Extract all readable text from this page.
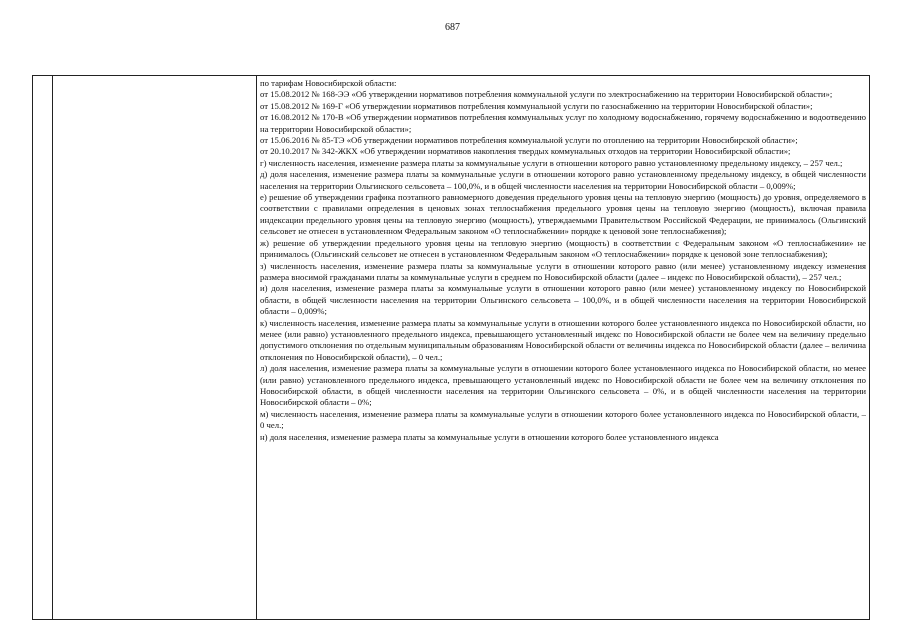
687

по тарифам Новосибирской области:

от 15.08.2012 № 168-ЭЭ «Об утверждении нормативов потребления коммунальной услуги по электроснабжению на территории Новосибирской области»;

от 15.08.2012 № 169-Г «Об утверждении нормативов потребления коммунальной услуги по газоснабжению на территории Новосибирской области»;

от 16.08.2012 № 170-В «Об утверждении нормативов потребления коммунальных услуг по холодному водоснабжению, горячему водоснабжению и водоотведению на территории Новосибирской области»;

от 15.06.2016 № 85-ТЭ «Об утверждении нормативов потребления коммунальной услуги по отоплению на территории Новосибирской области»;

от 20.10.2017 № 342-ЖКХ «Об утверждении нормативов накопления твердых коммунальных отходов на территории Новосибирской области»;

г) численность населения, изменение размера платы за коммунальные услуги в отношении которого равно установленному предельному индексу, – 257 чел.;

д) доля населения, изменение размера платы за коммунальные услуги в отношении которого равно установленному предельному индексу, в общей численности населения на территории Ольгинского сельсовета – 100,0%, и в общей численности населения на территории Новосибирской области – 0,009%;

е) решение об утверждении графика поэтапного равномерного доведения предельного уровня цены на тепловую энергию (мощность) до уровня, определяемого в соответствии с правилами определения в ценовых зонах теплоснабжения предельного уровня цены на тепловую энергию (мощность), включая правила индексации предельного уровня цены на тепловую энергию (мощность), утверждаемыми Правительством Российской Федерации, не принималось (Ольгинский сельсовет не отнесен в установленном Федеральным законом «О теплоснабжении» порядке к ценовой зоне теплоснабжения);

ж) решение об утверждении предельного уровня цены на тепловую энергию (мощность) в соответствии с Федеральным законом «О теплоснабжении» не принималось (Ольгинский сельсовет не отнесен в установленном Федеральным законом «О теплоснабжении» порядке к ценовой зоне теплоснабжения);

з) численность населения, изменение размера платы за коммунальные услуги в отношении которого равно (или менее) установленному индексу изменения размера вносимой гражданами платы за коммунальные услуги в среднем по Новосибирской области (далее – индекс по Новосибирской области), – 257 чел.;

и) доля населения, изменение размера платы за коммунальные услуги в отношении которого равно (или менее) установленному индексу по Новосибирской области, в общей численности населения на территории Ольгинского сельсовета – 100,0%, и в общей численности населения на территории Новосибирской области – 0,009%;

к) численность населения, изменение размера платы за коммунальные услуги в отношении которого более установленного индекса по Новосибирской области, но менее (или равно) установленного предельного индекса, превышающего установленный индекс по Новосибирской области не более чем на величину предельно допустимого отклонения по отдельным муниципальным образованиям Новосибирской области от величины индекса по Новосибирской области (далее – величина отклонения по Новосибирской области), – 0 чел.;

л) доля населения, изменение размера платы за коммунальные услуги в отношении которого более установленного индекса по Новосибирской области, но менее (или равно) установленного предельного индекса, превышающего установленный индекс по Новосибирской области не более чем на величину отклонения по Новосибирской области, в общей численности населения на территории Ольгинского сельсовета – 0%, и в общей численности населения на территории Новосибирской области – 0%;

м) численность населения, изменение размера платы за коммунальные услуги в отношении которого более установленного индекса по Новосибирской области, – 0 чел.;

н) доля населения, изменение размера платы за коммунальные услуги в отношении которого более установленного индекса
